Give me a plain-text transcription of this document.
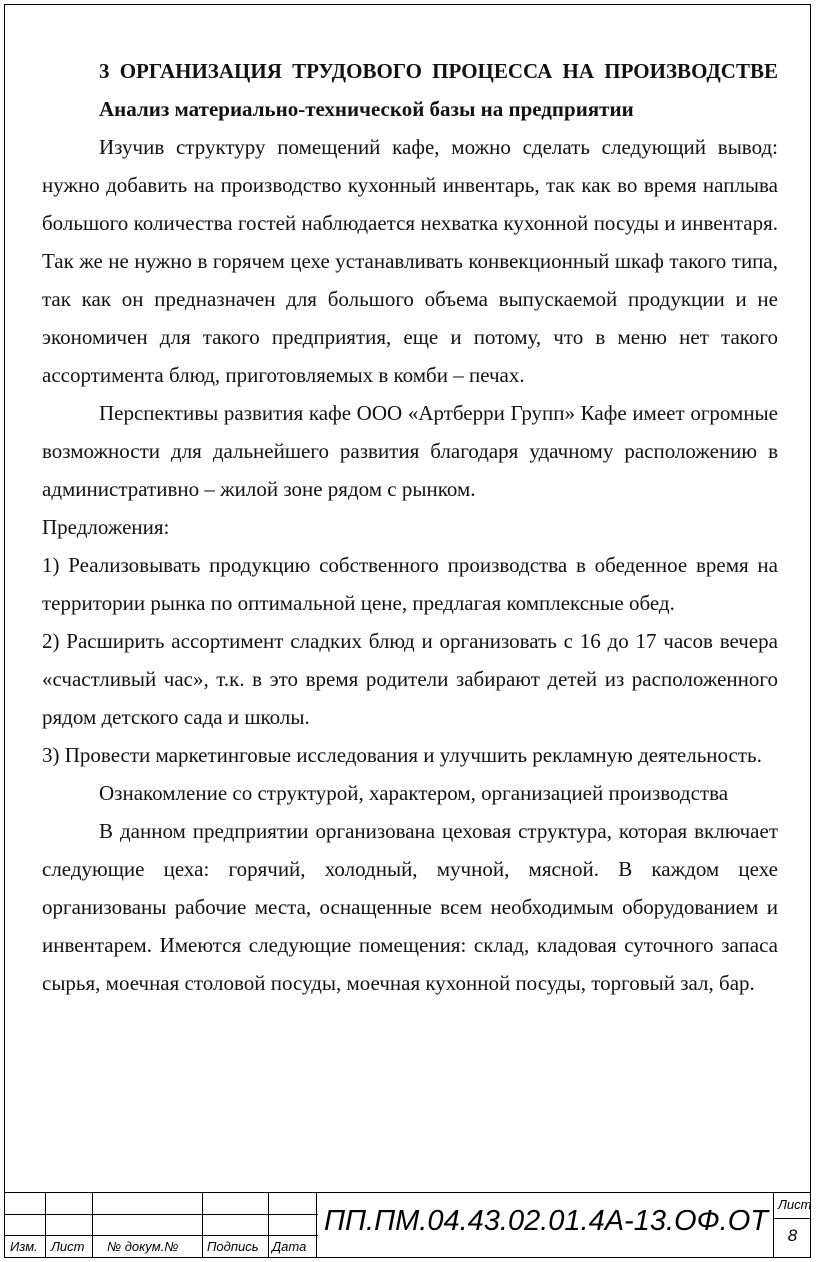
3 ОРГАНИЗАЦИЯ ТРУДОВОГО ПРОЦЕССА НА ПРОИЗВОДСТВЕ

Анализ материально-технической базы на предприятии

Изучив структуру помещений кафе, можно сделать следующий вывод: нужно добавить на производство кухонный инвентарь, так как во время наплыва большого количества гостей наблюдается нехватка кухонной посуды и инвентаря. Так же не нужно в горячем цехе устанавливать конвекционный шкаф такого типа, так как он предназначен для большого объема выпускаемой продукции и не экономичен для такого предприятия, еще и потому, что в меню нет такого ассортимента блюд, приготовляемых в комби – печах.

Перспективы развития кафе ООО «Артберри Групп» Кафе имеет огромные возможности для дальнейшего развития благодаря удачному расположению в административно – жилой зоне рядом с рынком.

Предложения:

1) Реализовывать продукцию собственного производства в обеденное время на территории рынка по оптимальной цене, предлагая комплексные обед.

2) Расширить ассортимент сладких блюд и организовать с 16 до 17 часов вечера «счастливый час», т.к. в это время родители забирают детей из расположенного рядом детского сада и школы.

3) Провести маркетинговые исследования и улучшить рекламную деятельность.

Ознакомление со структурой, характером, организацией производства

В данном предприятии организована цеховая структура, которая включает следующие цеха: горячий, холодный, мучной, мясной. В каждом цехе организованы рабочие места, оснащенные всем необходимым оборудованием и инвентарем. Имеются следующие помещения: склад, кладовая суточного запаса сырья, моечная столовой посуды, моечная кухонной посуды, торговый зал, бар.

Изм. Лист № докум.№ Подпись Дата
ПП.ПМ.04.43.02.01.4А-13.ОФ.ОТ
Лист
8
